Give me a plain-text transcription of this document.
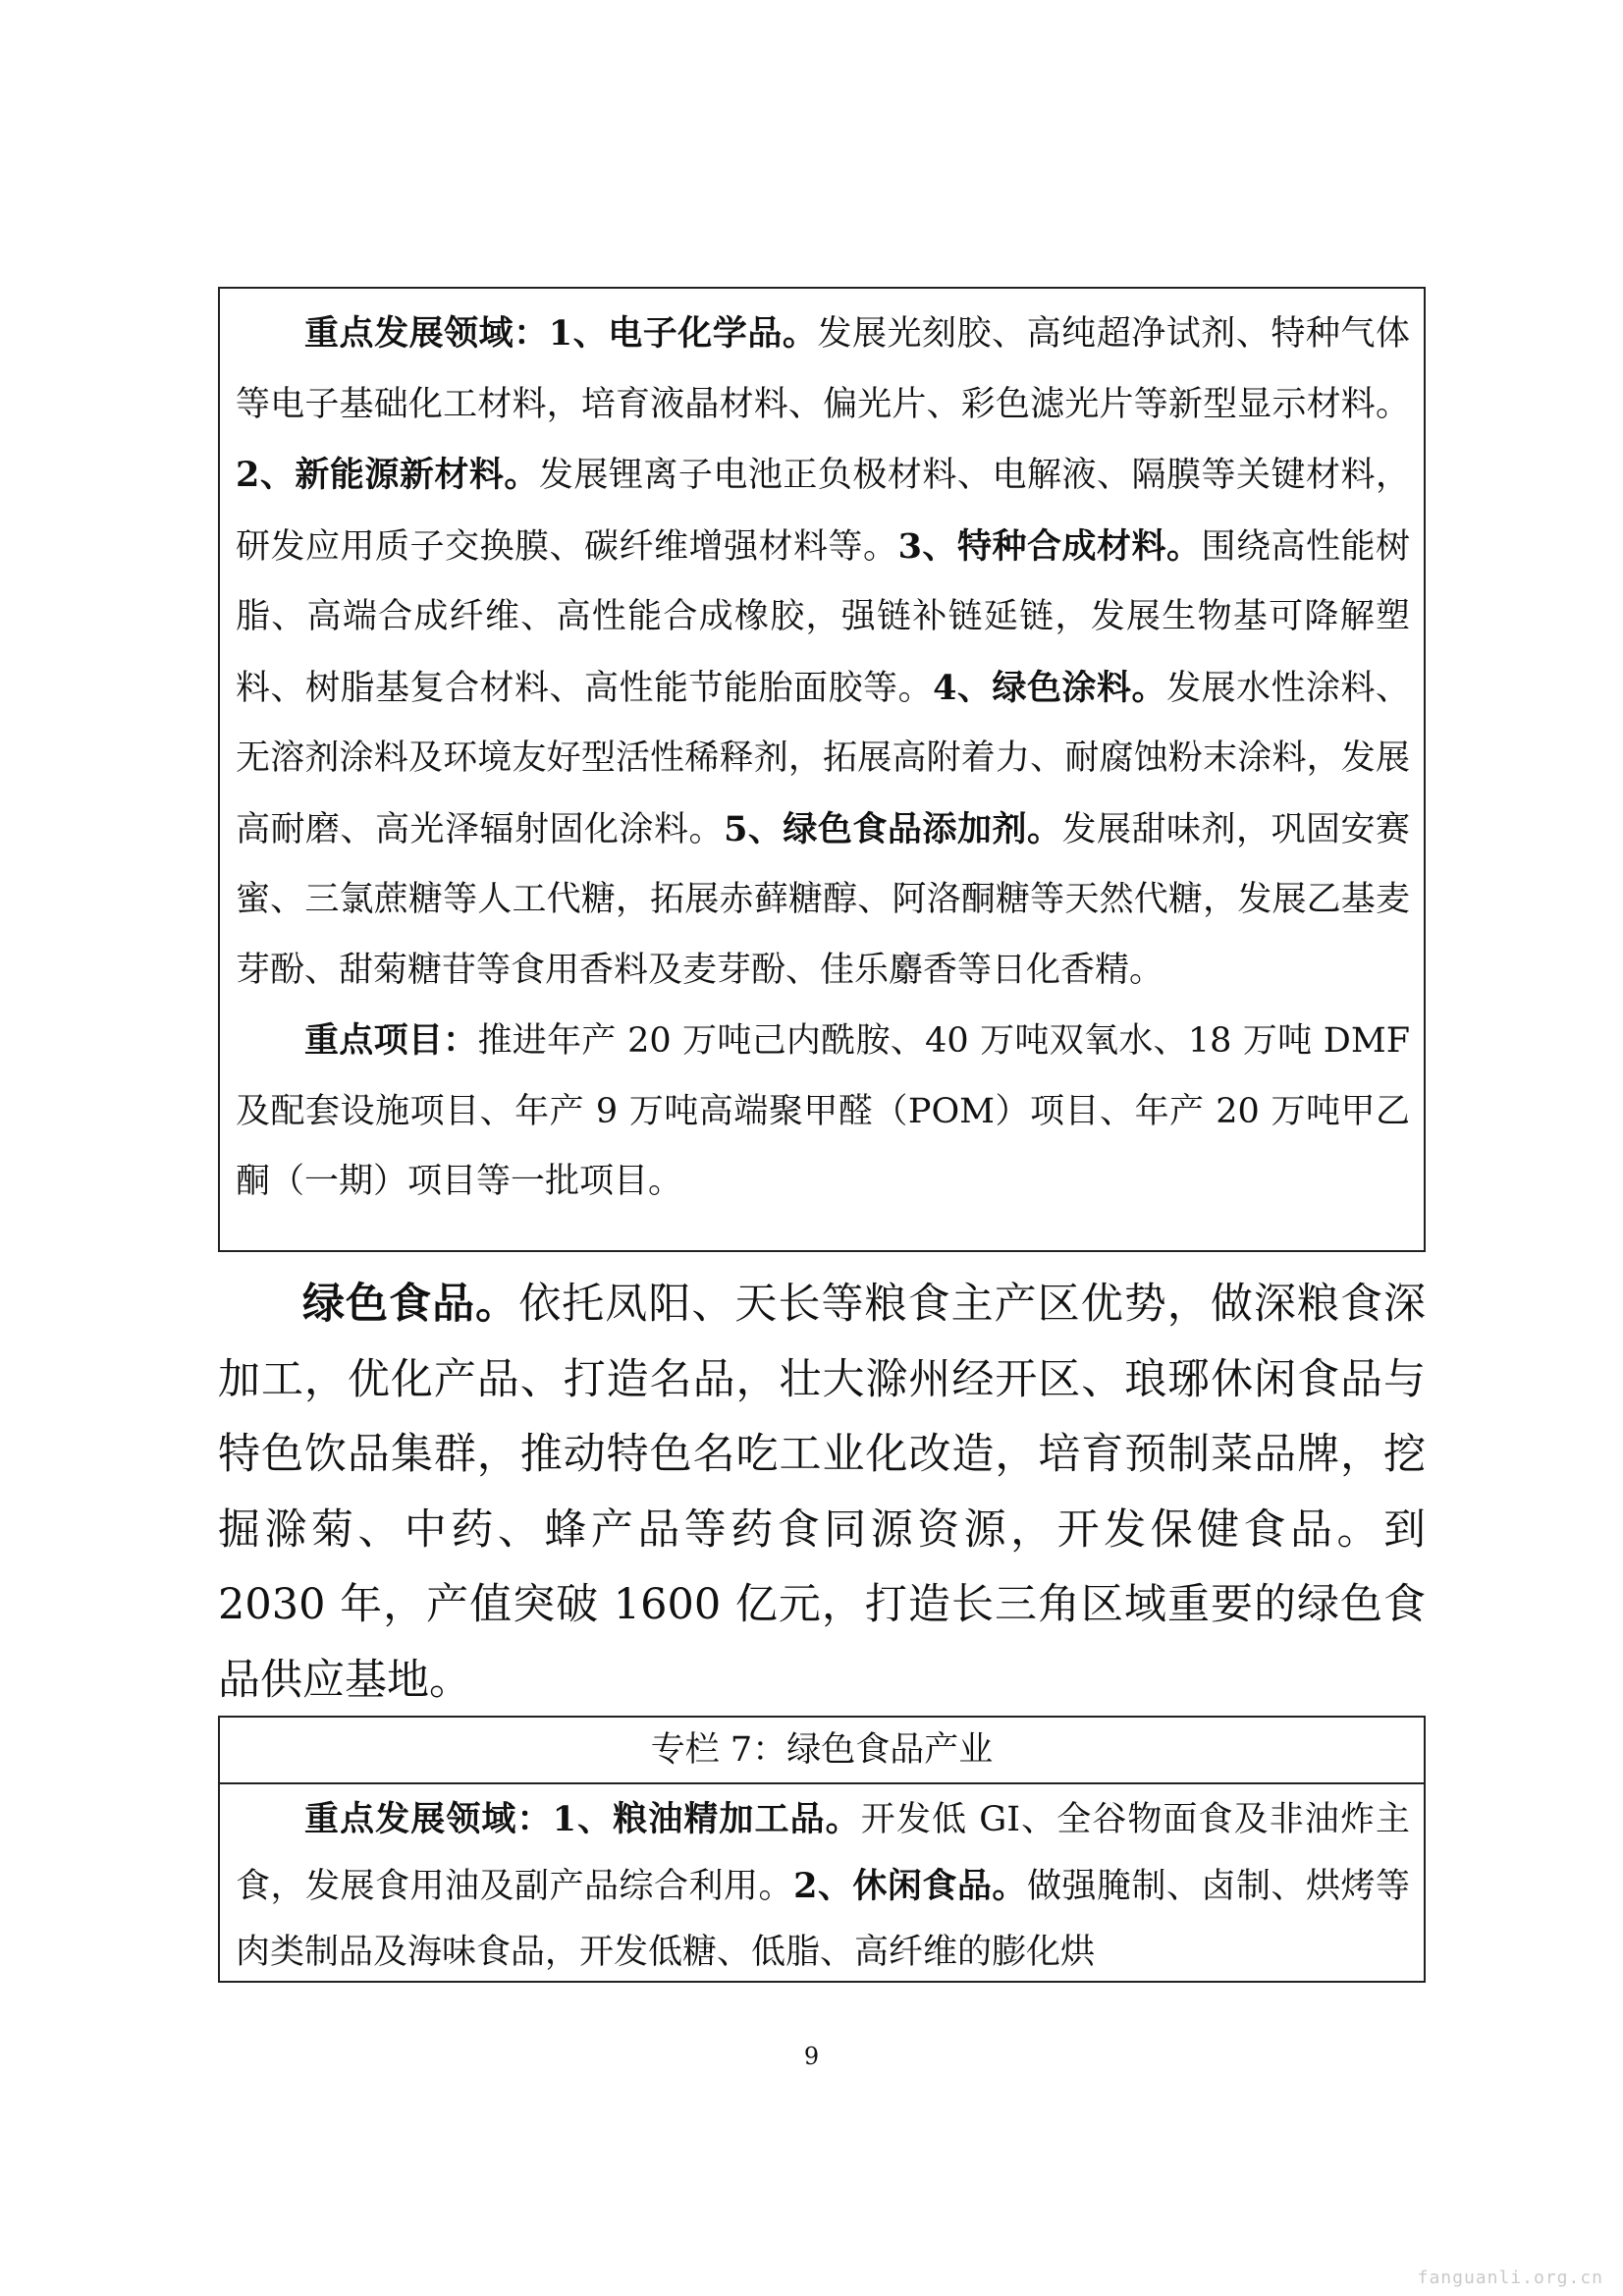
重点发展领域：1、电子化学品。发展光刻胶、高纯超净试剂、特种气体等电子基础化工材料，培育液晶材料、偏光片、彩色滤光片等新型显示材料。2、新能源新材料。发展锂离子电池正负极材料、电解液、隔膜等关键材料，研发应用质子交换膜、碳纤维增强材料等。3、特种合成材料。围绕高性能树脂、高端合成纤维、高性能合成橡胶，强链补链延链，发展生物基可降解塑料、树脂基复合材料、高性能节能胎面胶等。4、绿色涂料。发展水性涂料、无溶剂涂料及环境友好型活性稀释剂，拓展高附着力、耐腐蚀粉末涂料，发展高耐磨、高光泽辐射固化涂料。5、绿色食品添加剂。发展甜味剂，巩固安赛蜜、三氯蔗糖等人工代糖，拓展赤藓糖醇、阿洛酮糖等天然代糖，发展乙基麦芽酚、甜菊糖苷等食用香料及麦芽酚、佳乐麝香等日化香精。

重点项目：推进年产 20 万吨己内酰胺、40 万吨双氧水、18 万吨 DMF 及配套设施项目、年产 9 万吨高端聚甲醛（POM）项目、年产 20 万吨甲乙酮（一期）项目等一批项目。

绿色食品。依托凤阳、天长等粮食主产区优势，做深粮食深加工，优化产品、打造名品，壮大滁州经开区、琅琊休闲食品与特色饮品集群，推动特色名吃工业化改造，培育预制菜品牌，挖掘滁菊、中药、蜂产品等药食同源资源，开发保健食品。到 2030 年，产值突破 1600 亿元，打造长三角区域重要的绿色食品供应基地。

专栏 7：绿色食品产业

重点发展领域：1、粮油精加工品。开发低 GI、全谷物面食及非油炸主食，发展食用油及副产品综合利用。2、休闲食品。做强腌制、卤制、烘烤等肉类制品及海味食品，开发低糖、低脂、高纤维的膨化烘

9
fanguanli.org.cn
